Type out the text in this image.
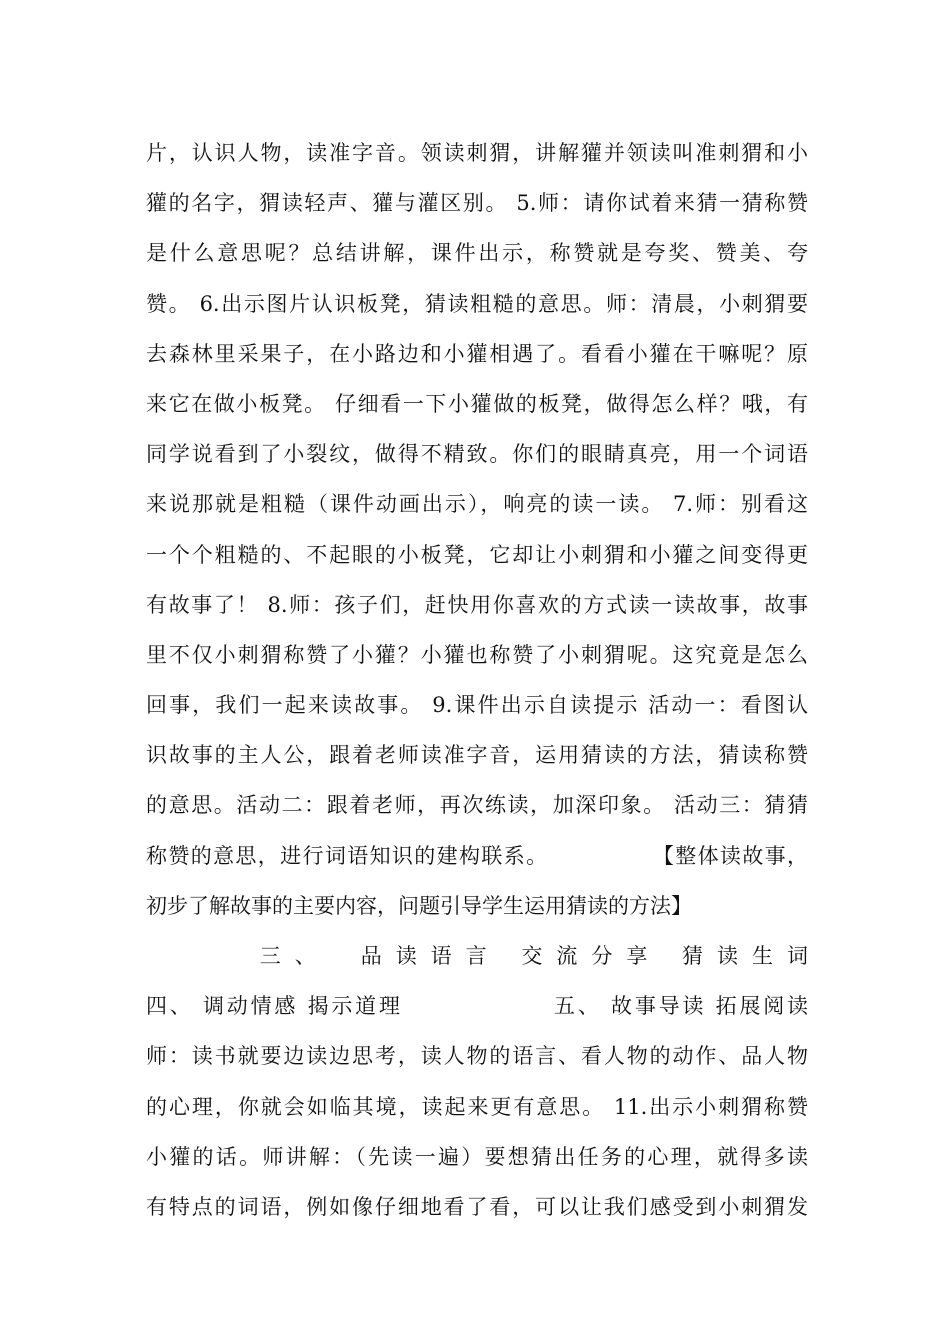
片，认识人物，读准字音。领读刺猬，讲解獾并领读叫准刺猬和小
獾的名字，猬读轻声、獾与灌区别。 5.师：请你试着来猜一猜称赞
是什么意思呢？总结讲解，课件出示，称赞就是夸奖、赞美、夸
赞。 6.出示图片认识板凳，猜读粗糙的意思。师：清晨，小刺猬要
去森林里采果子，在小路边和小獾相遇了。看看小獾在干嘛呢？原
来它在做小板凳。 仔细看一下小獾做的板凳，做得怎么样？哦，有
同学说看到了小裂纹，做得不精致。你们的眼睛真亮，用一个词语
来说那就是粗糙（课件动画出示），响亮的读一读。 7.师：别看这
一个个粗糙的、不起眼的小板凳，它却让小刺猬和小獾之间变得更
有故事了！ 8.师：孩子们，赶快用你喜欢的方式读一读故事，故事
里不仅小刺猬称赞了小獾？小獾也称赞了小刺猬呢。这究竟是怎么
回事，我们一起来读故事。 9.课件出示自读提示 活动一：看图认
识故事的主人公，跟着老师读准字音，运用猜读的方法，猜读称赞
的意思。活动二：跟着老师，再次练读，加深印象。 活动三：猜猜
称赞的意思，进行词语知识的建构联系。             【整体读故事，
初步了解故事的主要内容，问题引导学生运用猜读的方法】
三 、    品 读 语 言   交 流 分 享   猜 读 生 词
四、 调动情感 揭示道理                五、 故事导读 拓展阅读
师：读书就要边读边思考，读人物的语言、看人物的动作、品人物
的心理，你就会如临其境，读起来更有意思。 11.出示小刺猬称赞
小獾的话。师讲解：（先读一遍）要想猜出任务的心理，就得多读
有特点的词语，例如像仔细地看了看，可以让我们感受到小刺猬发
